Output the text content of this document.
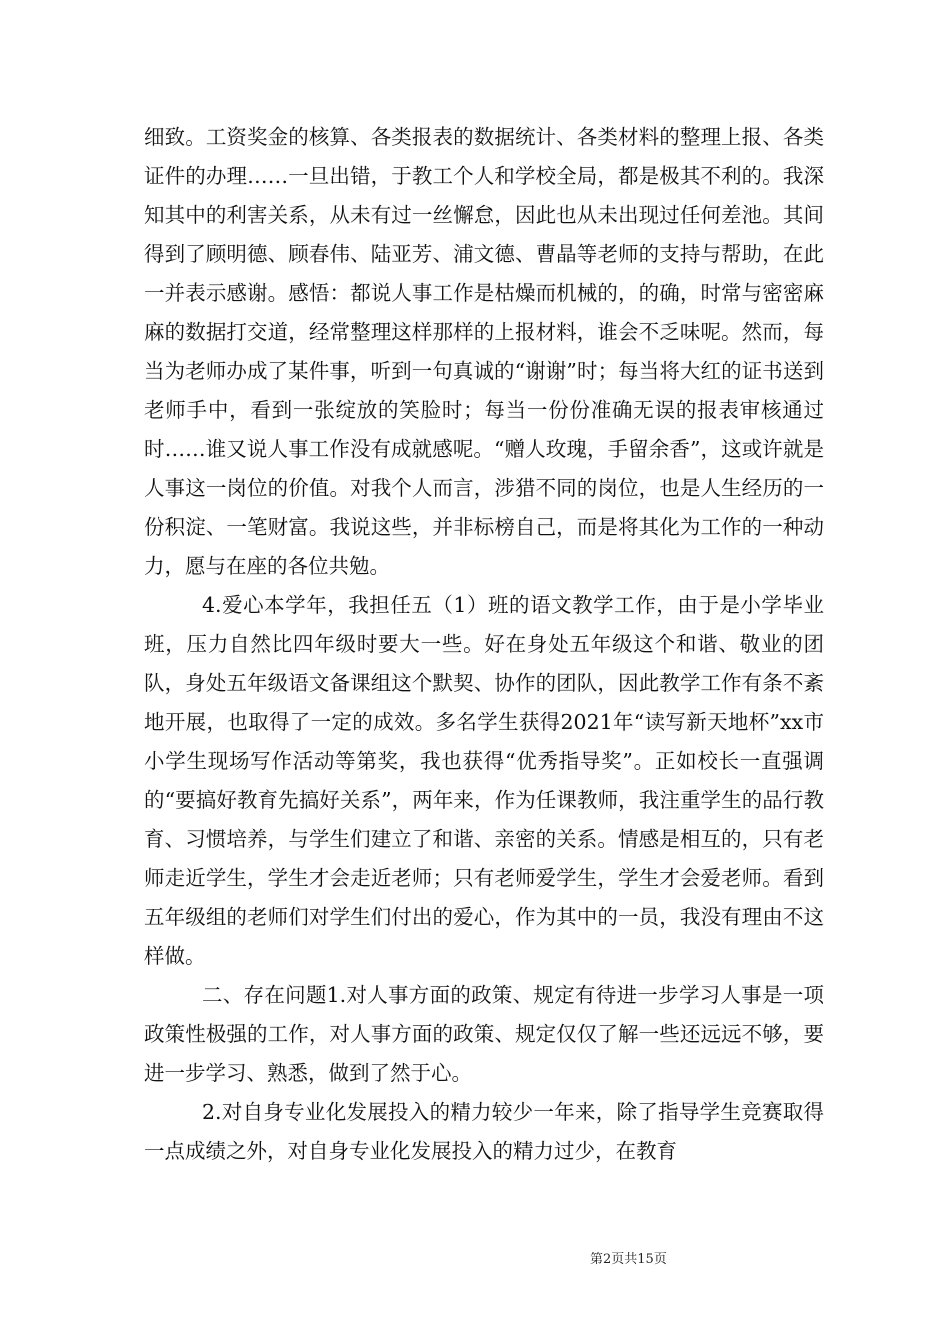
细致。工资奖金的核算、各类报表的数据统计、各类材料的整理上报、各类证件的办理……一旦出错，于教工个人和学校全局，都是极其不利的。我深知其中的利害关系，从未有过一丝懈怠，因此也从未出现过任何差池。其间得到了顾明德、顾春伟、陆亚芳、浦文德、曹晶等老师的支持与帮助，在此一并表示感谢。感悟：都说人事工作是枯燥而机械的，的确，时常与密密麻麻的数据打交道，经常整理这样那样的上报材料，谁会不乏味呢。然而，每当为老师办成了某件事，听到一句真诚的“谢谢”时；每当将大红的证书送到老师手中，看到一张绽放的笑脸时；每当一份份准确无误的报表审核通过时……谁又说人事工作没有成就感呢。“赠人玫瑰，手留余香”，这或许就是人事这一岗位的价值。对我个人而言，涉猎不同的岗位，也是人生经历的一份积淀、一笔财富。我说这些，并非标榜自己，而是将其化为工作的一种动力，愿与在座的各位共勉。

4.爱心本学年，我担任五（1）班的语文教学工作，由于是小学毕业班，压力自然比四年级时要大一些。好在身处五年级这个和谐、敬业的团队，身处五年级语文备课组这个默契、协作的团队，因此教学工作有条不紊地开展，也取得了一定的成效。多名学生获得2021年“读写新天地杯”xx市小学生现场写作活动等第奖，我也获得“优秀指导奖”。正如校长一直强调的“要搞好教育先搞好关系”，两年来，作为任课教师，我注重学生的品行教育、习惯培养，与学生们建立了和谐、亲密的关系。情感是相互的，只有老师走近学生，学生才会走近老师；只有老师爱学生，学生才会爱老师。看到五年级组的老师们对学生们付出的爱心，作为其中的一员，我没有理由不这样做。

二、存在问题1.对人事方面的政策、规定有待进一步学习人事是一项政策性极强的工作，对人事方面的政策、规定仅仅了解一些还远远不够，要进一步学习、熟悉，做到了然于心。

2.对自身专业化发展投入的精力较少一年来，除了指导学生竞赛取得一点成绩之外，对自身专业化发展投入的精力过少，在教育

第2页共15页
